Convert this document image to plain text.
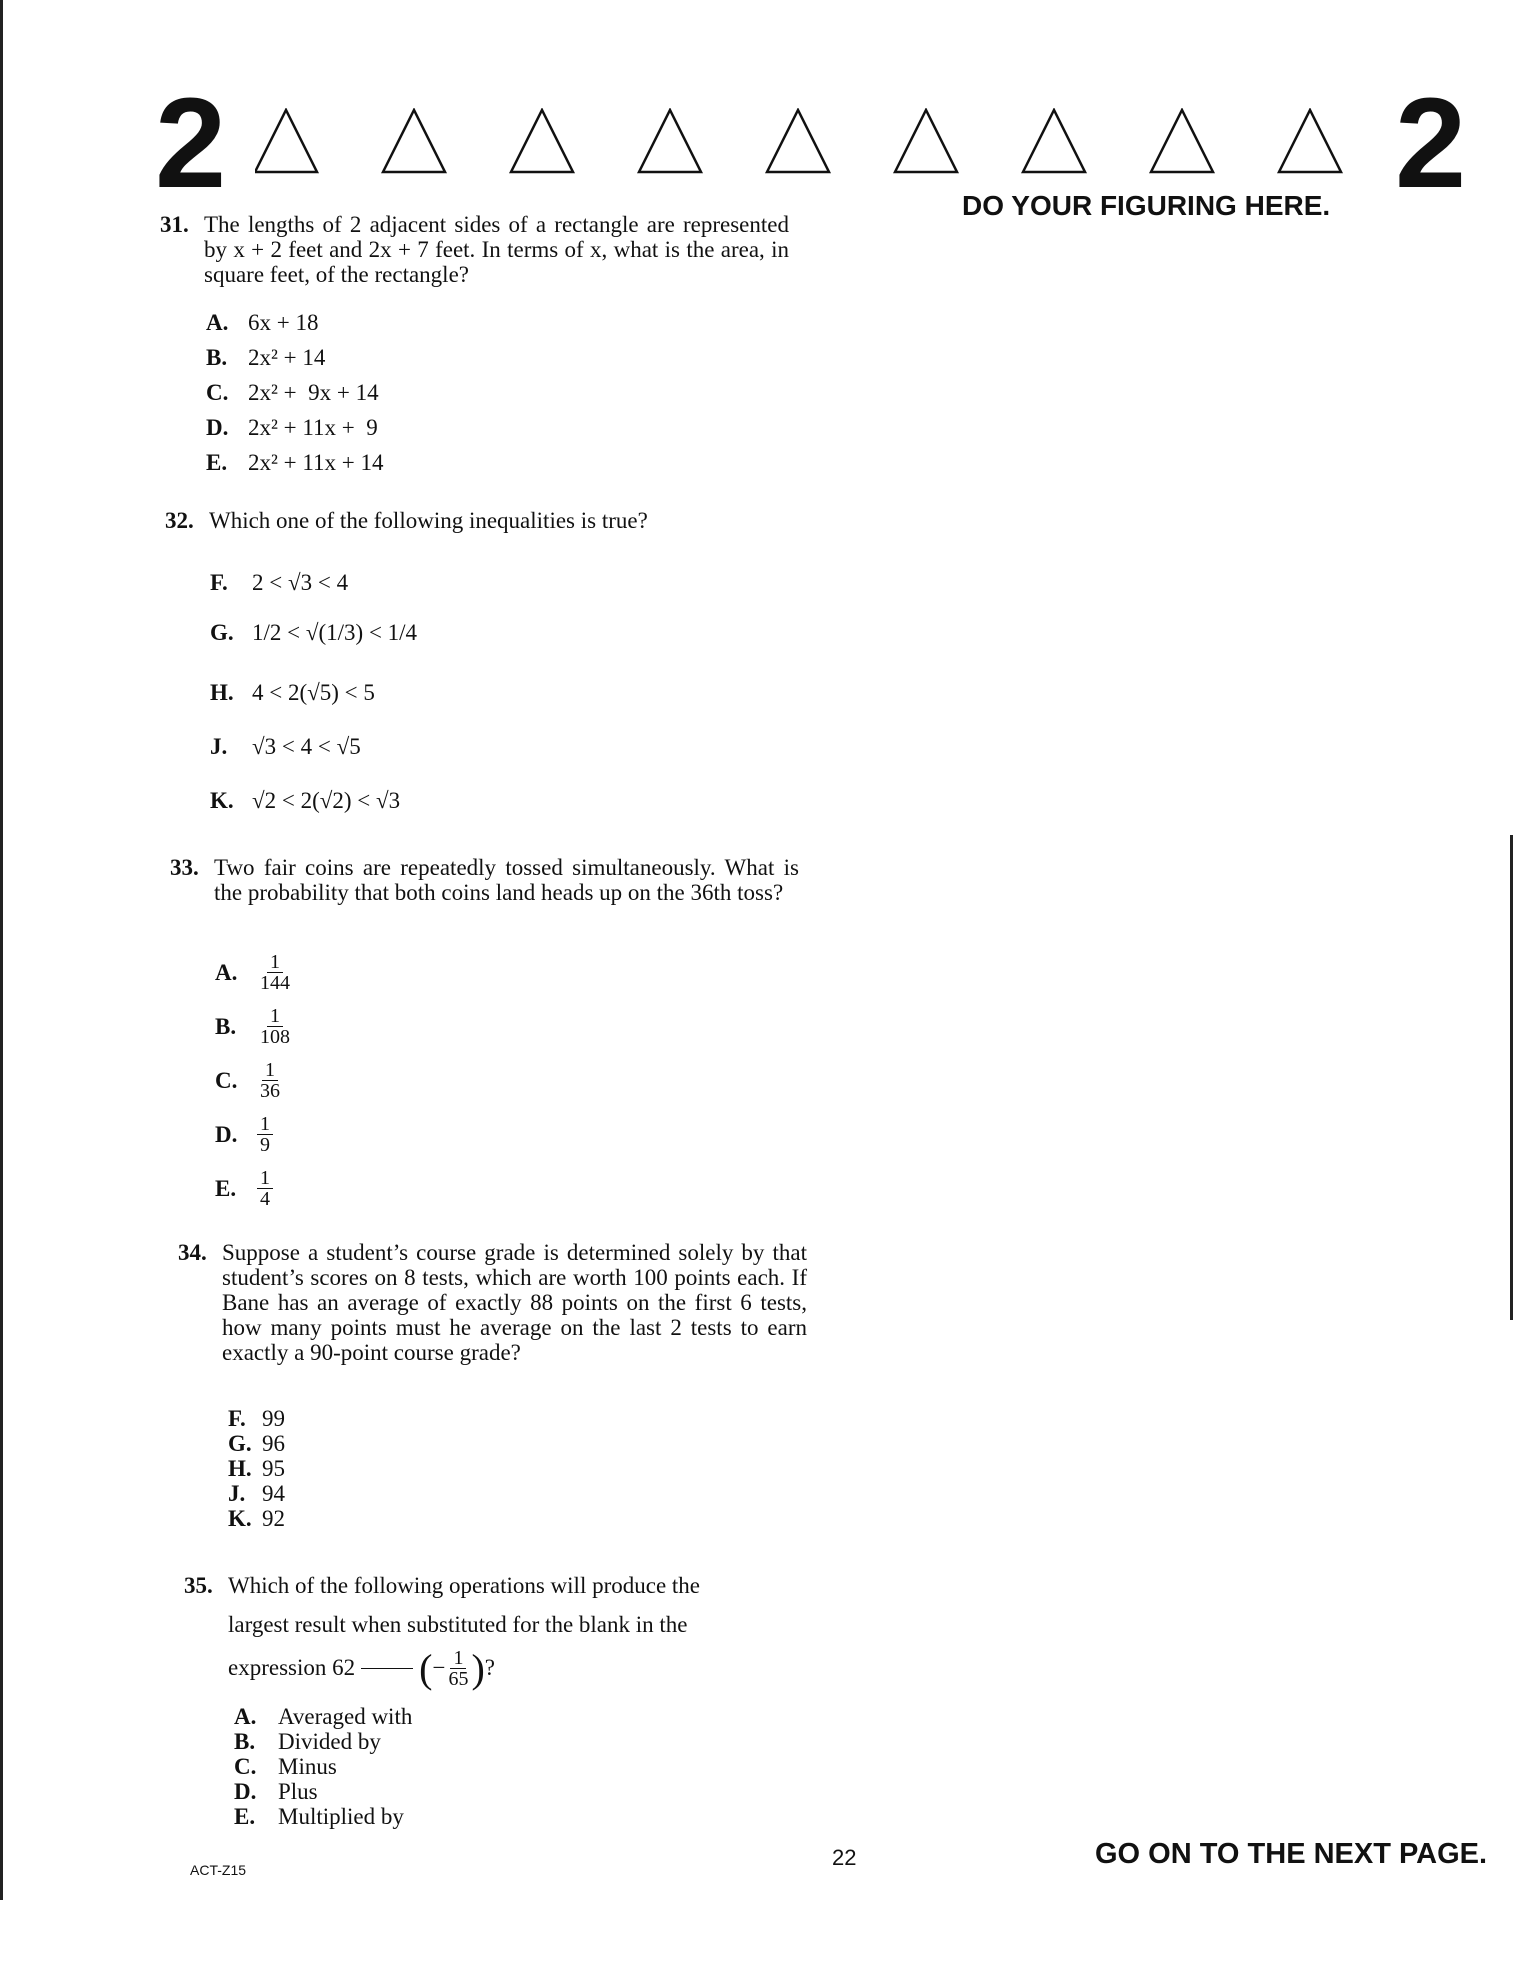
2	2
DO YOUR FIGURING HERE.
31. The lengths of 2 adjacent sides of a rectangle are represented by x + 2 feet and 2x + 7 feet. In terms of x, what is the area, in square feet, of the rectangle?
A. 6x + 18
B. 2x² + 14
C. 2x² +  9x + 14
D. 2x² + 11x +  9
E. 2x² + 11x + 14
32. Which one of the following inequalities is true?
F. 2 < √3 < 4
G. 1/2 < √(1/3) < 1/4
H. 4 < 2(√5) < 5
J. √3 < 4 < √5
K. √2 < 2(√2) < √3
33. Two fair coins are repeatedly tossed simultaneously. What is the probability that both coins land heads up on the 36th toss?
A. $\frac{1}{144}$
B. $\frac{1}{108}$
C. $\frac{1}{36}$
D. $\frac{1}{9}$
E. $\frac{1}{4}$
34. Suppose a student’s course grade is determined solely by that student’s scores on 8 tests, which are worth 100 points each. If Bane has an average of exactly 88 points on the first 6 tests, how many points must he average on the last 2 tests to earn exactly a 90-point course grade?
F. 99
G. 96
H. 95
J. 94
K. 92
35. Which of the following operations will produce the
largest result when substituted for the blank in the
expression 62 ( − $\frac{1}{65}$ ) ?
A. Averaged with
B. Divided by
C. Minus
D. Plus
E. Multiplied by
ACT-Z15	22	GO ON TO THE NEXT PAGE.
